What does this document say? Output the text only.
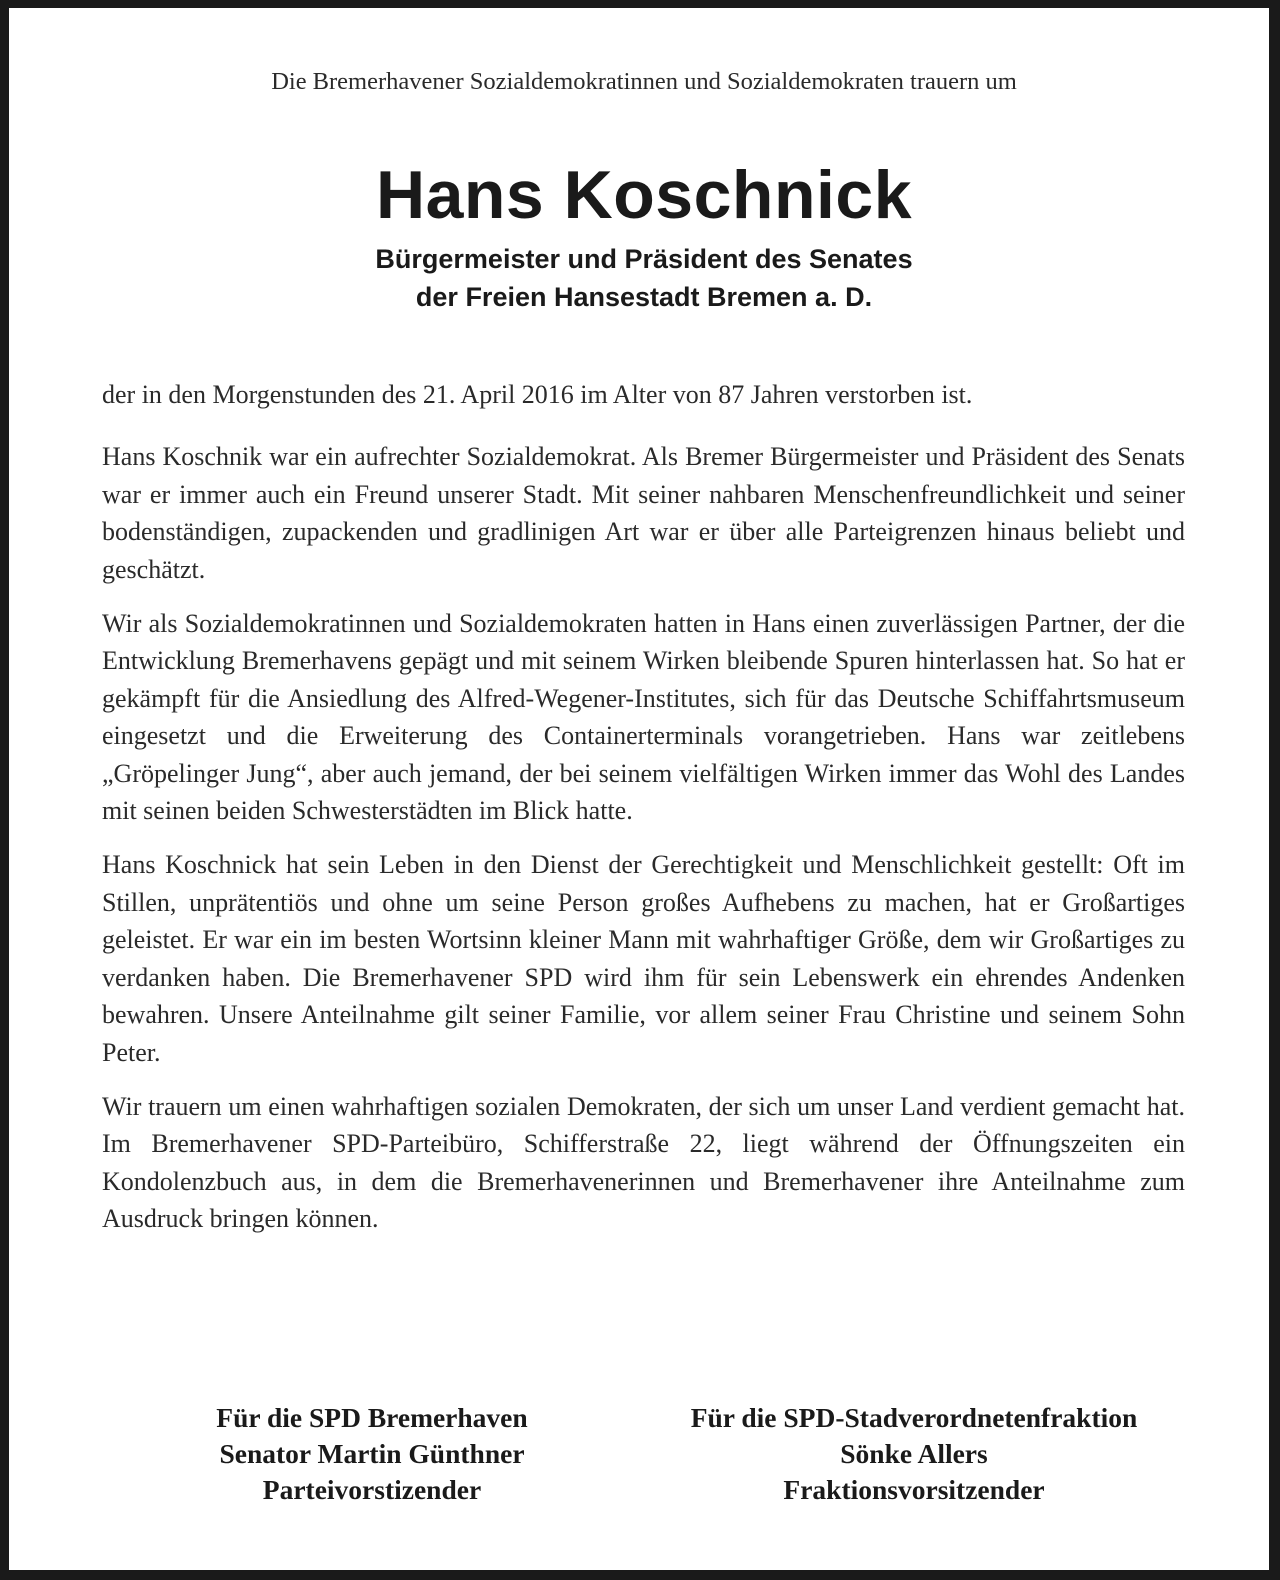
Die Bremerhavener Sozialdemokratinnen und Sozialdemokraten trauern um
Hans Koschnick
Bürgermeister und Präsident des Senates
der Freien Hansestadt Bremen a. D.

der in den Morgenstunden des 21. April 2016 im Alter von 87 Jahren verstorben ist.

Hans Koschnik war ein aufrechter Sozialdemokrat. Als Bremer Bürgermeister und Präsident des Senats war er immer auch ein Freund unserer Stadt. Mit seiner nahbaren Menschenfreundlichkeit und seiner bodenständigen, zupackenden und gradlinigen Art war er über alle Parteigrenzen hinaus beliebt und geschätzt.

Wir als Sozialdemokratinnen und Sozialdemokraten hatten in Hans einen zuverlässigen Partner, der die Entwicklung Bremerhavens gepägt und mit seinem Wirken bleibende Spuren hinterlassen hat. So hat er gekämpft für die Ansiedlung des Alfred-Wegener-Institutes, sich für das Deutsche Schiffahrtsmuseum eingesetzt und die Erweiterung des Containerterminals vorangetrieben. Hans war zeitlebens „Gröpelinger Jung“, aber auch jemand, der bei seinem vielfältigen Wirken immer das Wohl des Landes mit seinen beiden Schwesterstädten im Blick hatte.

Hans Koschnick hat sein Leben in den Dienst der Gerechtigkeit und Menschlichkeit gestellt: Oft im Stillen, unprätentiös und ohne um seine Person großes Aufhebens zu machen, hat er Großartiges geleistet. Er war ein im besten Wortsinn kleiner Mann mit wahrhaftiger Größe, dem wir Großartiges zu verdanken haben. Die Bremerhavener SPD wird ihm für sein Lebenswerk ein ehrendes Andenken bewahren. Unsere Anteilnahme gilt seiner Familie, vor allem seiner Frau Christine und seinem Sohn Peter.

Wir trauern um einen wahrhaftigen sozialen Demokraten, der sich um unser Land verdient gemacht hat. Im Bremerhavener SPD-Parteibüro, Schifferstraße 22, liegt während der Öffnungszeiten ein Kondolenzbuch aus, in dem die Bremerhavenerinnen und Bremerhavener ihre Anteilnahme zum Ausdruck bringen können.

Für die SPD Bremerhaven
Senator Martin Günthner
Parteivorstizender
Für die SPD-Stadverordnetenfraktion
Sönke Allers
Fraktionsvorsitzender
